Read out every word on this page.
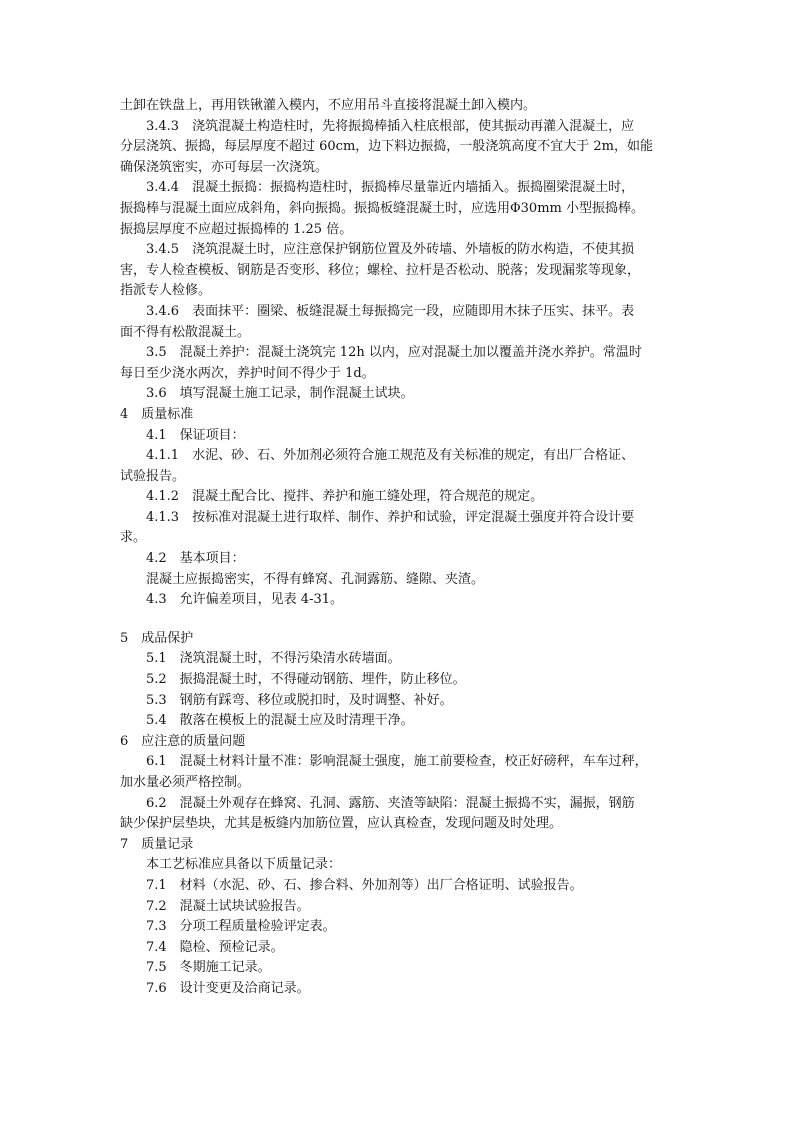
土卸在铁盘上，再用铁锹灌入模内，不应用吊斗直接将混凝土卸入模内。
3.4.3　浇筑混凝土构造柱时，先将振捣棒插入柱底根部，使其振动再灌入混凝土，应
分层浇筑、振捣，每层厚度不超过 60cm，边下料边振捣，一般浇筑高度不宜大于 2m，如能
确保浇筑密实，亦可每层一次浇筑。
3.4.4　混凝土振捣：振捣构造柱时，振捣棒尽量靠近内墙插入。振捣圈梁混凝土时，
振捣棒与混凝土面应成斜角，斜向振捣。振捣板缝混凝土时，应选用Φ30mm 小型振捣棒。
振捣层厚度不应超过振捣棒的 1.25 倍。
3.4.5　浇筑混凝土时，应注意保护钢筋位置及外砖墙、外墙板的防水构造，不使其损
害，专人检查模板、钢筋是否变形、移位；螺栓、拉杆是否松动、脱落；发现漏浆等现象，
指派专人检修。
3.4.6　表面抹平：圈梁、板缝混凝土每振捣完一段，应随即用木抹子压实、抹平。表
面不得有松散混凝土。
3.5　混凝土养护：混凝土浇筑完 12h 以内，应对混凝土加以覆盖并浇水养护。常温时
每日至少浇水两次，养护时间不得少于 1d。
3.6　填写混凝土施工记录，制作混凝土试块。
4　质量标准
4.1　保证项目：
4.1.1　水泥、砂、石、外加剂必须符合施工规范及有关标准的规定，有出厂合格证、
试验报告。
4.1.2　混凝土配合比、搅拌、养护和施工缝处理，符合规范的规定。
4.1.3　按标准对混凝土进行取样、制作、养护和试验，评定混凝土强度并符合设计要
求。
4.2　基本项目：
混凝土应振捣密实，不得有蜂窝、孔洞露筋、缝隙、夹渣。
4.3　允许偏差项目，见表 4-31。
5　成品保护
5.1　浇筑混凝土时，不得污染清水砖墙面。
5.2　振捣混凝土时，不得碰动钢筋、埋件，防止移位。
5.3　钢筋有踩弯、移位或脱扣时，及时调整、补好。
5.4　散落在模板上的混凝土应及时清理干净。
6　应注意的质量问题
6.1　混凝土材料计量不准：影响混凝土强度，施工前要检查，校正好磅秤，车车过秤，
加水量必须严格控制。
6.2　混凝土外观存在蜂窝、孔洞、露筋、夹渣等缺陷：混凝土振捣不实，漏振，钢筋
缺少保护层垫块，尤其是板缝内加筋位置，应认真检查，发现问题及时处理。
7　质量记录
本工艺标准应具备以下质量记录：
7.1　材料（水泥、砂、石、掺合料、外加剂等）出厂合格证明、试验报告。
7.2　混凝土试块试验报告。
7.3　分项工程质量检验评定表。
7.4　隐检、预检记录。
7.5　冬期施工记录。
7.6　设计变更及洽商记录。
